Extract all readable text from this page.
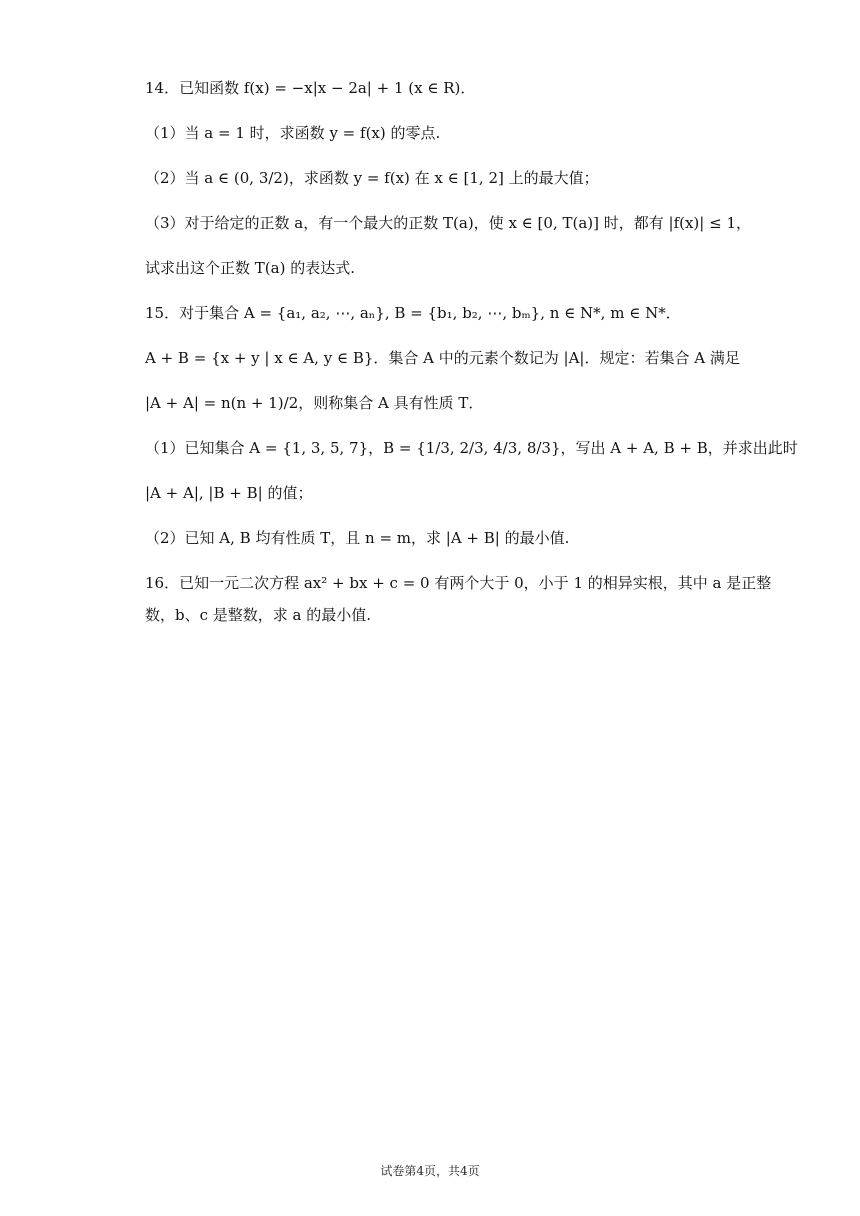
14．已知函数 f(x) = −x|x − 2a| + 1 (x ∈ R)．
（1）当 a = 1 时，求函数 y = f(x) 的零点.
（2）当 a ∈ (0, 3/2)，求函数 y = f(x) 在 x ∈ [1, 2] 上的最大值；
（3）对于给定的正数 a，有一个最大的正数 T(a)，使 x ∈ [0, T(a)] 时，都有 |f(x)| ≤ 1，
试求出这个正数 T(a) 的表达式.
15．对于集合 A = {a₁, a₂, ⋯, aₙ}, B = {b₁, b₂, ⋯, bₘ}, n ∈ N*, m ∈ N*．
A + B = {x + y | x ∈ A, y ∈ B}．集合 A 中的元素个数记为 |A|．规定：若集合 A 满足
|A + A| = n(n + 1)/2，则称集合 A 具有性质 T．
（1）已知集合 A = {1, 3, 5, 7}，B = {1/3, 2/3, 4/3, 8/3}，写出 A + A, B + B，并求出此时
|A + A|, |B + B| 的值；
（2）已知 A, B 均有性质 T，且 n = m，求 |A + B| 的最小值.
16．已知一元二次方程 ax² + bx + c = 0 有两个大于 0，小于 1 的相异实根，其中 a 是正整
数，b、c 是整数，求 a 的最小值.
试卷第4页，共4页
